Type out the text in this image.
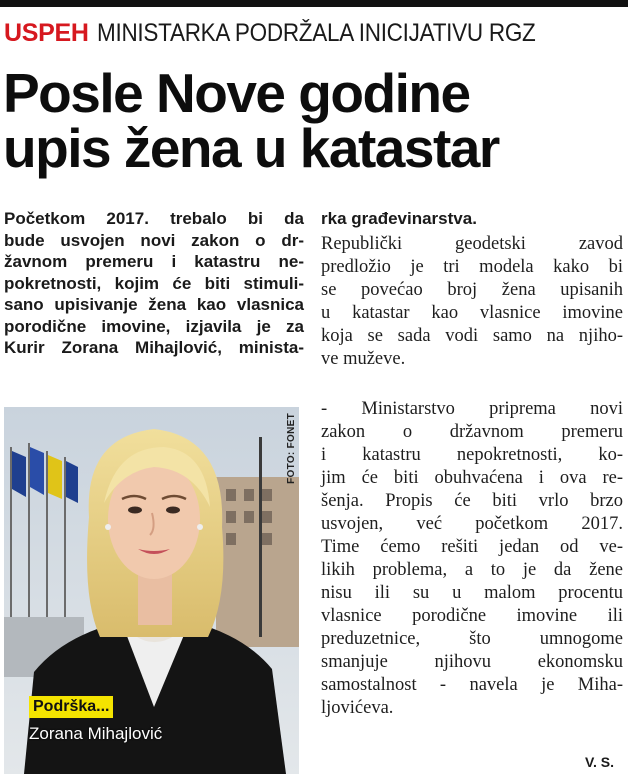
USPEH MINISTARKA PODRŽALA INICIJATIVU RGZ
Posle Nove godine
upis žena u katastar
Početkom 2017. trebalo bi da
bude usvojen novi zakon o dr-
žavnom premeru i katastru ne-
pokretnosti, kojim će biti stimuli-
sano upisivanje žena kao vlasnica
porodične imovine, izjavila je za
Kurir Zorana Mihajlović, minista-
rka građevinarstva.
Republički geodetski zavod
predložio je tri modela kako bi
se povećao broj žena upisanih
u katastar kao vlasnice imovine
koja se sada vodi samo na njiho-
ve muževe.
- Ministarstvo priprema novi
zakon o državnom premeru
i katastru nepokretnosti, ko-
jim će biti obuhvaćena i ova re-
šenja. Propis će biti vrlo brzo
usvojen, već početkom 2017.
Time ćemo rešiti jedan od ve-
likih problema, a to je da žene
nisu ili su u malom procentu
vlasnice porodične imovine ili
preduzetnice, što umnogome
smanjuje njihovu ekonomsku
samostalnost - navela je Miha-
ljovićeva.
FOTO: FONET
Podrška...
Zorana Mihajlović
V. S.
